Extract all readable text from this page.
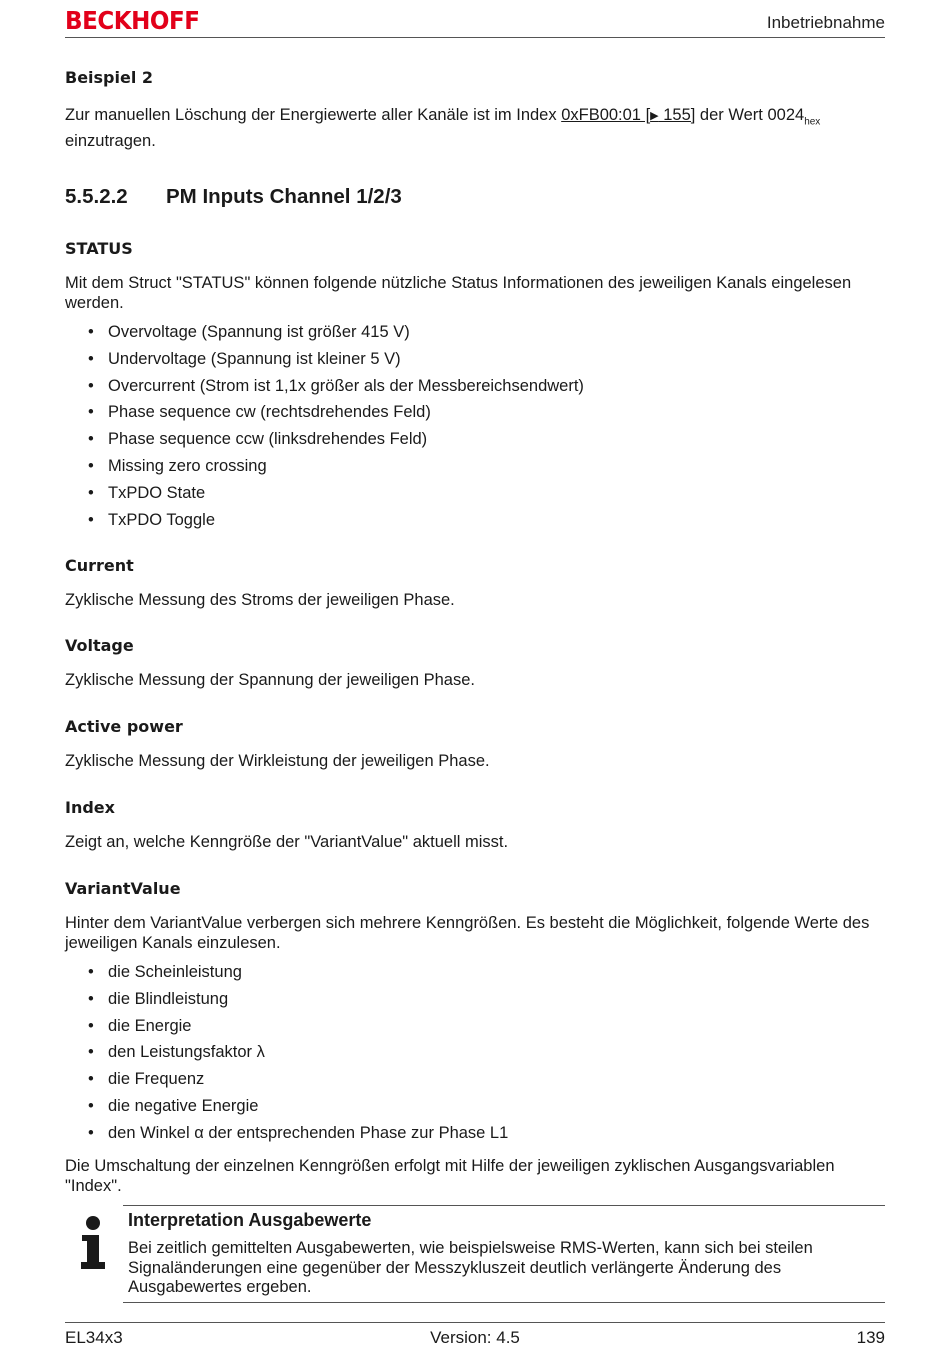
BECKHOFF	Inbetriebnahme
Beispiel 2
Zur manuellen Löschung der Energiewerte aller Kanäle ist im Index 0xFB00:01 [▶ 155] der Wert $0024_{hex}$
einzutragen.
5.5.2.2 PM Inputs Channel 1/2/3
STATUS
Mit dem Struct "STATUS" können folgende nützliche Status Informationen des jeweiligen Kanals eingelesen werden.
• Overvoltage (Spannung ist größer 415 V)
• Undervoltage (Spannung ist kleiner 5 V)
• Overcurrent (Strom ist 1,1x größer als der Messbereichsendwert)
• Phase sequence cw (rechtsdrehendes Feld)
• Phase sequence ccw (linksdrehendes Feld)
• Missing zero crossing
• TxPDO State
• TxPDO Toggle
Current
Zyklische Messung des Stroms der jeweiligen Phase.
Voltage
Zyklische Messung der Spannung der jeweiligen Phase.
Active power
Zyklische Messung der Wirkleistung der jeweiligen Phase.
Index
Zeigt an, welche Kenngröße der "VariantValue" aktuell misst.
VariantValue
Hinter dem VariantValue verbergen sich mehrere Kenngrößen. Es besteht die Möglichkeit, folgende Werte des jeweiligen Kanals einzulesen.
• die Scheinleistung
• die Blindleistung
• die Energie
• den Leistungsfaktor λ
• die Frequenz
• die negative Energie
• den Winkel α der entsprechenden Phase zur Phase L1
Die Umschaltung der einzelnen Kenngrößen erfolgt mit Hilfe der jeweiligen zyklischen Ausgangsvariablen "Index".
Interpretation Ausgabewerte
Bei zeitlich gemittelten Ausgabewerten, wie beispielsweise RMS-Werten, kann sich bei steilen Signaländerungen eine gegenüber der Messzykluszeit deutlich verlängerte Änderung des Ausgabewertes ergeben.
EL34x3	Version: 4.5	139
